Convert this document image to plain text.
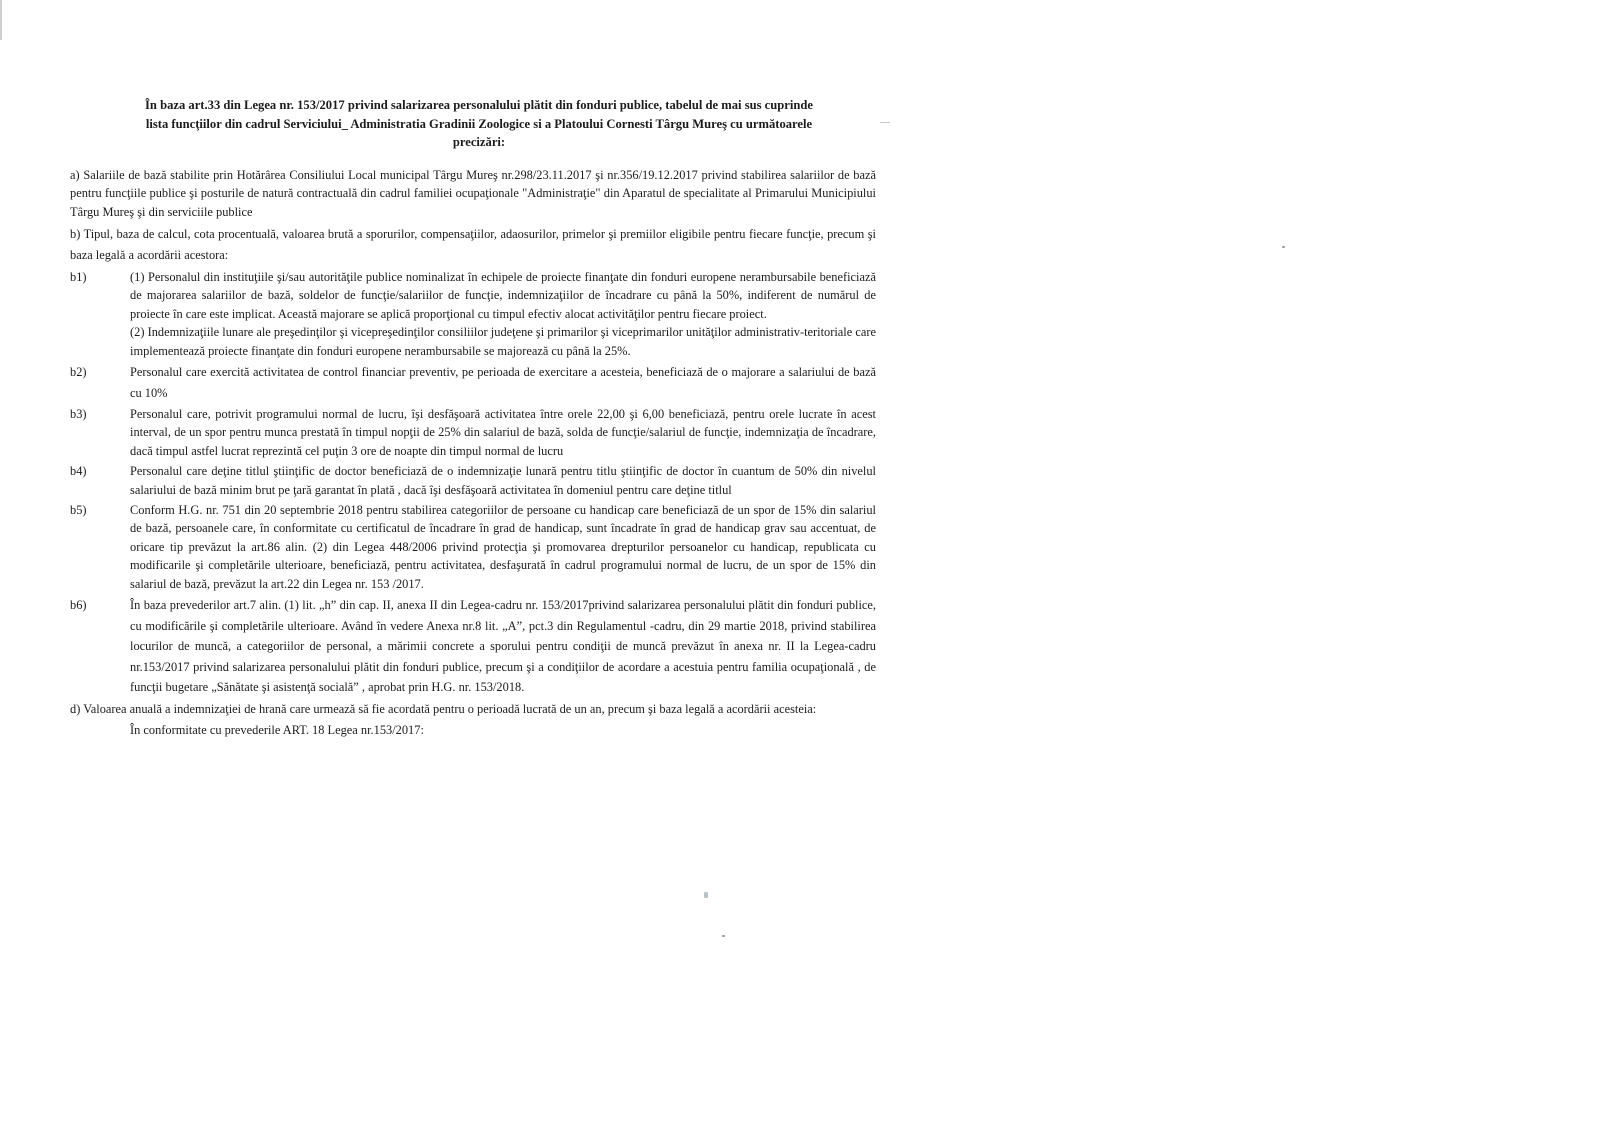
În baza art.33 din Legea nr. 153/2017 privind salarizarea personalului plătit din fonduri publice, tabelul de mai sus cuprinde
lista funcţiilor din cadrul Serviciului_ Administratia Gradinii Zoologice si a Platoului Cornesti Târgu Mureş cu următoarele
precizări:

a) Salariile de bază stabilite prin Hotărârea Consiliului Local municipal Târgu Mureş nr.298/23.11.2017 şi nr.356/19.12.2017 privind stabilirea salariilor de bază pentru funcţiile publice şi posturile de natură contractuală din cadrul familiei ocupaţionale "Administraţie" din Aparatul de specialitate al Primarului Municipiului Târgu Mureş şi din serviciile publice

b) Tipul, baza de calcul, cota procentuală, valoarea brută a sporurilor, compensaţiilor, adaosurilor, primelor şi premiilor eligibile pentru fiecare funcţie, precum şi baza legală a acordării acestora:

b1)	(1) Personalul din instituţiile şi/sau autorităţile publice nominalizat în echipele de proiecte finanţate din fonduri europene nerambursabile beneficiază de majorarea salariilor de bază, soldelor de funcţie/salariilor de funcţie, indemnizaţiilor de încadrare cu până la 50%, indiferent de numărul de proiecte în care este implicat. Această majorare se aplică proporţional cu timpul efectiv alocat activităţilor pentru fiecare proiect.

(2) Indemnizaţiile lunare ale preşedinţilor şi vicepreşedinţilor consiliilor judeţene şi primarilor şi viceprimarilor unităţilor administrativ-teritoriale care implementează proiecte finanţate din fonduri europene nerambursabile se majorează cu până la 25%.

b2)	Personalul care exercită activitatea de control financiar preventiv, pe perioada de exercitare a acesteia, beneficiază de o majorare a salariului de bază cu 10%
b3)	Personalul care, potrivit programului normal de lucru, îşi desfăşoară activitatea între orele 22,00 şi 6,00 beneficiază, pentru orele lucrate în acest interval, de un spor pentru munca prestată în timpul nopţii de 25% din salariul de bază, solda de funcţie/salariul de funcţie, indemnizaţia de încadrare, dacă timpul astfel lucrat reprezintă cel puţin 3 ore de noapte din timpul normal de lucru
b4)	Personalul care deţine titlul ştiinţific de doctor beneficiază de o indemnizaţie lunară pentru titlu ştiinţific de doctor în cuantum de 50% din nivelul salariului de bază minim brut pe ţară garantat în plată , dacă îşi desfăşoară activitatea în domeniul pentru care deţine titlul
b5)	Conform H.G. nr. 751 din 20 septembrie 2018 pentru stabilirea categoriilor de persoane cu handicap care beneficiază de un spor de 15% din salariul de bază, persoanele care, în conformitate cu certificatul de încadrare în grad de handicap, sunt încadrate în grad de handicap grav sau accentuat, de oricare tip prevăzut la art.86 alin. (2) din Legea 448/2006 privind protecţia şi promovarea drepturilor persoanelor cu handicap, republicata cu modificarile şi completările ulterioare, beneficiază, pentru activitatea, desfaşurată în cadrul programului normal de lucru, de un spor de 15% din salariul de bază, prevăzut la art.22 din Legea nr. 153 /2017.
b6)	În baza prevederilor art.7 alin. (1) lit. „h” din cap. II, anexa II din Legea-cadru nr. 153/2017privind salarizarea personalului plătit din fonduri publice, cu modificările şi completările ulterioare. Având în vedere Anexa nr.8 lit. „A”, pct.3 din Regulamentul -cadru, din 29 martie 2018, privind stabilirea locurilor de muncă, a categoriilor de personal, a mărimii concrete a sporului pentru condiţii de muncă prevăzut în anexa nr. II la Legea-cadru nr.153/2017 privind salarizarea personalului plătit din fonduri publice, precum şi a condiţiilor de acordare a acestuia pentru familia ocupaţională , de funcţii bugetare „Sănătate şi asistenţă socială” , aprobat prin H.G. nr. 153/2018.

d) Valoarea anuală a indemnizaţiei de hrană care urmează să fie acordată pentru o perioadă lucrată de un an, precum şi baza legală a acordării acesteia:

În conformitate cu prevederile ART. 18 Legea nr.153/2017:
